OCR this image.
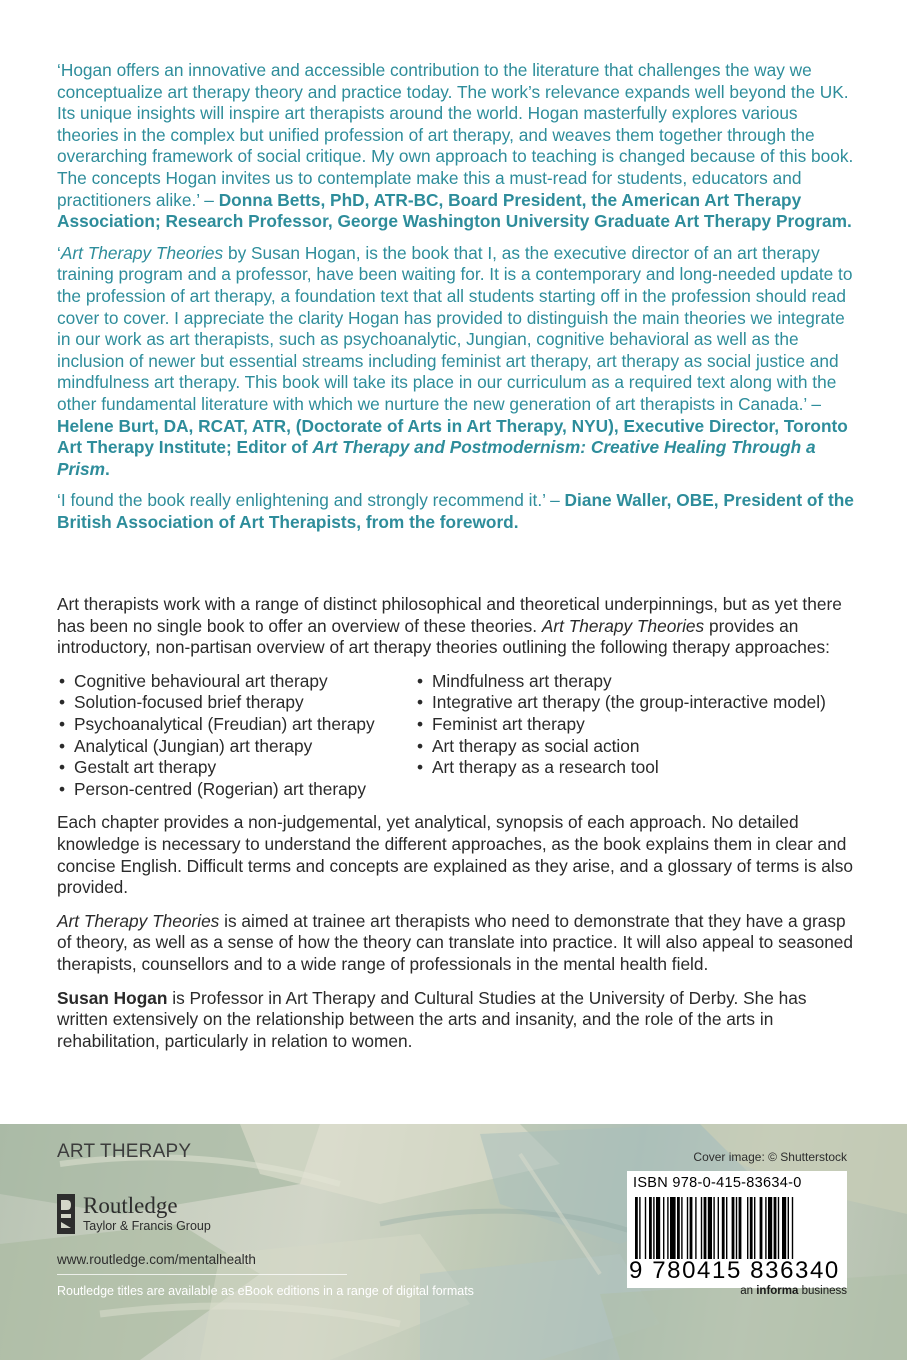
‘Hogan offers an innovative and accessible contribution to the literature that challenges the way we conceptualize art therapy theory and practice today. The work’s relevance expands well beyond the UK. Its unique insights will inspire art therapists around the world. Hogan masterfully explores various theories in the complex but unified profession of art therapy, and weaves them together through the overarching framework of social critique. My own approach to teaching is changed because of this book. The concepts Hogan invites us to contemplate make this a must-read for students, educators and practitioners alike.’ – Donna Betts, PhD, ATR-BC, Board President, the American Art Therapy Association; Research Professor, George Washington University Graduate Art Therapy Program.

‘Art Therapy Theories by Susan Hogan, is the book that I, as the executive director of an art therapy training program and a professor, have been waiting for. It is a contemporary and long-needed update to the profession of art therapy, a foundation text that all students starting off in the profession should read cover to cover. I appreciate the clarity Hogan has provided to distinguish the main theories we integrate in our work as art therapists, such as psychoanalytic, Jungian, cognitive behavioral as well as the inclusion of newer but essential streams including feminist art therapy, art therapy as social justice and mindfulness art therapy. This book will take its place in our curriculum as a required text along with the other fundamental literature with which we nurture the new generation of art therapists in Canada.’ – Helene Burt, DA, RCAT, ATR, (Doctorate of Arts in Art Therapy, NYU), Executive Director, Toronto Art Therapy Institute; Editor of Art Therapy and Postmodernism: Creative Healing Through a Prism.

‘I found the book really enlightening and strongly recommend it.’ – Diane Waller, OBE, President of the British Association of Art Therapists, from the foreword.

Art therapists work with a range of distinct philosophical and theoretical underpinnings, but as yet there has been no single book to offer an overview of these theories. Art Therapy Theories provides an introductory, non-partisan overview of art therapy theories outlining the following therapy approaches:

• Cognitive behavioural art therapy
• Solution-focused brief therapy
• Psychoanalytical (Freudian) art therapy
• Analytical (Jungian) art therapy
• Gestalt art therapy
• Person-centred (Rogerian) art therapy
• Mindfulness art therapy
• Integrative art therapy (the group-interactive model)
• Feminist art therapy
• Art therapy as social action
• Art therapy as a research tool

Each chapter provides a non-judgemental, yet analytical, synopsis of each approach. No detailed knowledge is necessary to understand the different approaches, as the book explains them in clear and concise English. Difficult terms and concepts are explained as they arise, and a glossary of terms is also provided.

Art Therapy Theories is aimed at trainee art therapists who need to demonstrate that they have a grasp of theory, as well as a sense of how the theory can translate into practice. It will also appeal to seasoned therapists, counsellors and to a wide range of professionals in the mental health field.

Susan Hogan is Professor in Art Therapy and Cultural Studies at the University of Derby. She has written extensively on the relationship between the arts and insanity, and the role of the arts in rehabilitation, particularly in relation to women.

ART THERAPY
Routledge
Taylor & Francis Group
www.routledge.com/mentalhealth
Routledge titles are available as eBook editions in a range of digital formats
Cover image: © Shutterstock
ISBN 978-0-415-83634-0
9 780415 836340
an informa business
